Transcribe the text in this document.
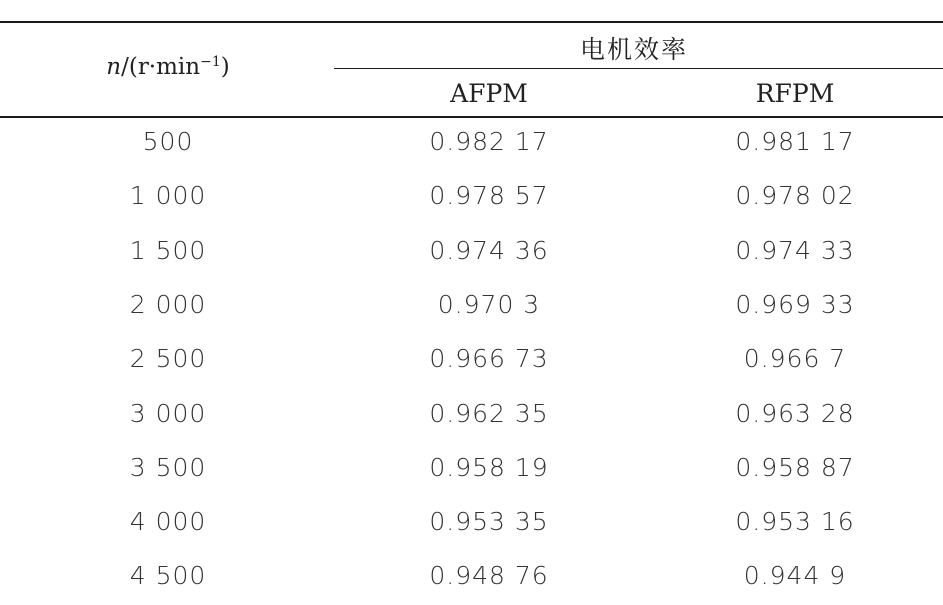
$n/(r\cdot\min^{-1})$
电机效率
AFPM	RFPM
500	0.982 17	0.981 17
1 000	0.978 57	0.978 02
1 500	0.974 36	0.974 33
2 000	0.970 3	0.969 33
2 500	0.966 73	0.966 7
3 000	0.962 35	0.963 28
3 500	0.958 19	0.958 87
4 000	0.953 35	0.953 16
4 500	0.948 76	0.944 9
